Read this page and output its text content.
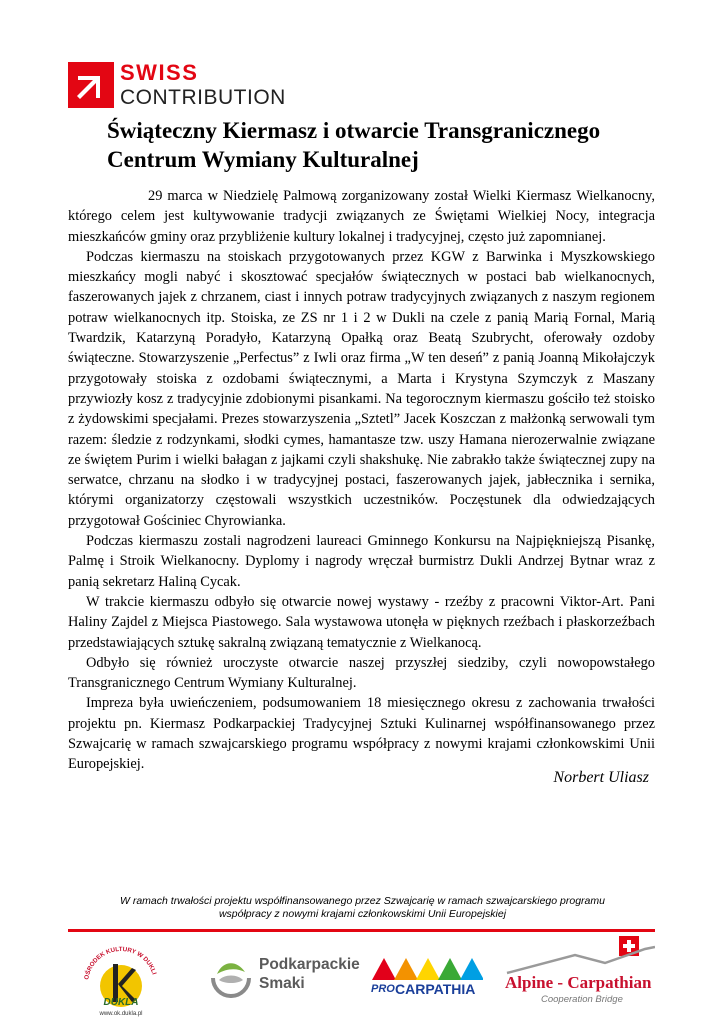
SWISS
CONTRIBUTION
Świąteczny Kiermasz i otwarcie Transgranicznego Centrum Wymiany Kulturalnej

29 marca w Niedzielę Palmową zorganizowany został Wielki Kiermasz Wielkanocny, którego celem jest kultywowanie tradycji związanych ze Świętami Wielkiej Nocy, integracja mieszkańców gminy oraz przybliżenie kultury lokalnej i tradycyjnej, często już zapomnianej.

Podczas kiermaszu na stoiskach przygotowanych przez KGW z Barwinka i Myszkowskiego mieszkańcy mogli nabyć i skosztować specjałów świątecznych w postaci bab wielkanocnych, faszerowanych jajek z chrzanem, ciast i innych potraw tradycyjnych związanych z naszym regionem potraw wielkanocnych itp. Stoiska, ze ZS nr 1 i 2 w Dukli na czele z panią Marią Fornal, Marią Twardzik, Katarzyną Poradyło, Katarzyną Opałką oraz Beatą Szubrycht, oferowały ozdoby świąteczne. Stowarzyszenie „Perfectus” z Iwli oraz firma „W ten deseń” z panią Joanną Mikołajczyk przygotowały stoiska z ozdobami świątecznymi, a Marta i Krystyna Szymczyk z Maszany przywiozły kosz z tradycyjnie zdobionymi pisankami. Na tegorocznym kiermaszu gościło też stoisko z żydowskimi specjałami. Prezes stowarzyszenia „Sztetl” Jacek Koszczan z małżonką serwowali tym razem: śledzie z rodzynkami, słodki cymes, hamantasze tzw. uszy Hamana nierozerwalnie związane ze świętem Purim i wielki bałagan z jajkami czyli shakshukę. Nie zabrakło także świątecznej zupy na serwatce, chrzanu na słodko i w tradycyjnej postaci, faszerowanych jajek, jabłecznika i sernika, którymi organizatorzy częstowali wszystkich uczestników. Poczęstunek dla odwiedzających przygotował Gościniec Chyrowianka.

Podczas kiermaszu zostali nagrodzeni laureaci Gminnego Konkursu na Najpiękniejszą Pisankę, Palmę i Stroik Wielkanocny. Dyplomy i nagrody wręczał burmistrz Dukli Andrzej Bytnar wraz z panią sekretarz Haliną Cycak.

W trakcie kiermaszu odbyło się otwarcie nowej wystawy - rzeźby z pracowni Viktor-Art. Pani Haliny Zajdel z Miejsca Piastowego. Sala wystawowa utonęła w pięknych rzeźbach i płaskorzeźbach przedstawiających sztukę sakralną związaną tematycznie z Wielkanocą.

Odbyło się również uroczyste otwarcie naszej przyszłej siedziby, czyli nowopowstałego Transgranicznego Centrum Wymiany Kulturalnej.

Impreza była uwieńczeniem, podsumowaniem 18 miesięcznego okresu z zachowania trwałości projektu pn. Kiermasz Podkarpackiej Tradycyjnej Sztuki Kulinarnej współfinansowanego przez Szwajcarię w ramach szwajcarskiego programu współpracy z nowymi krajami członkowskimi Unii Europejskiej.

Norbert Uliasz
W ramach trwałości projektu współfinansowanego przez Szwajcarię w ramach szwajcarskiego programu
współpracy z nowymi krajami członkowskimi Unii Europejskiej
OŚRODEK KULTURY W DUKLI
DUKLA
www.ok.dukla.pl
Podkarpackie
Smaki	PRO CARPATHIA Alpine - Carpathian
Cooperation Bridge
